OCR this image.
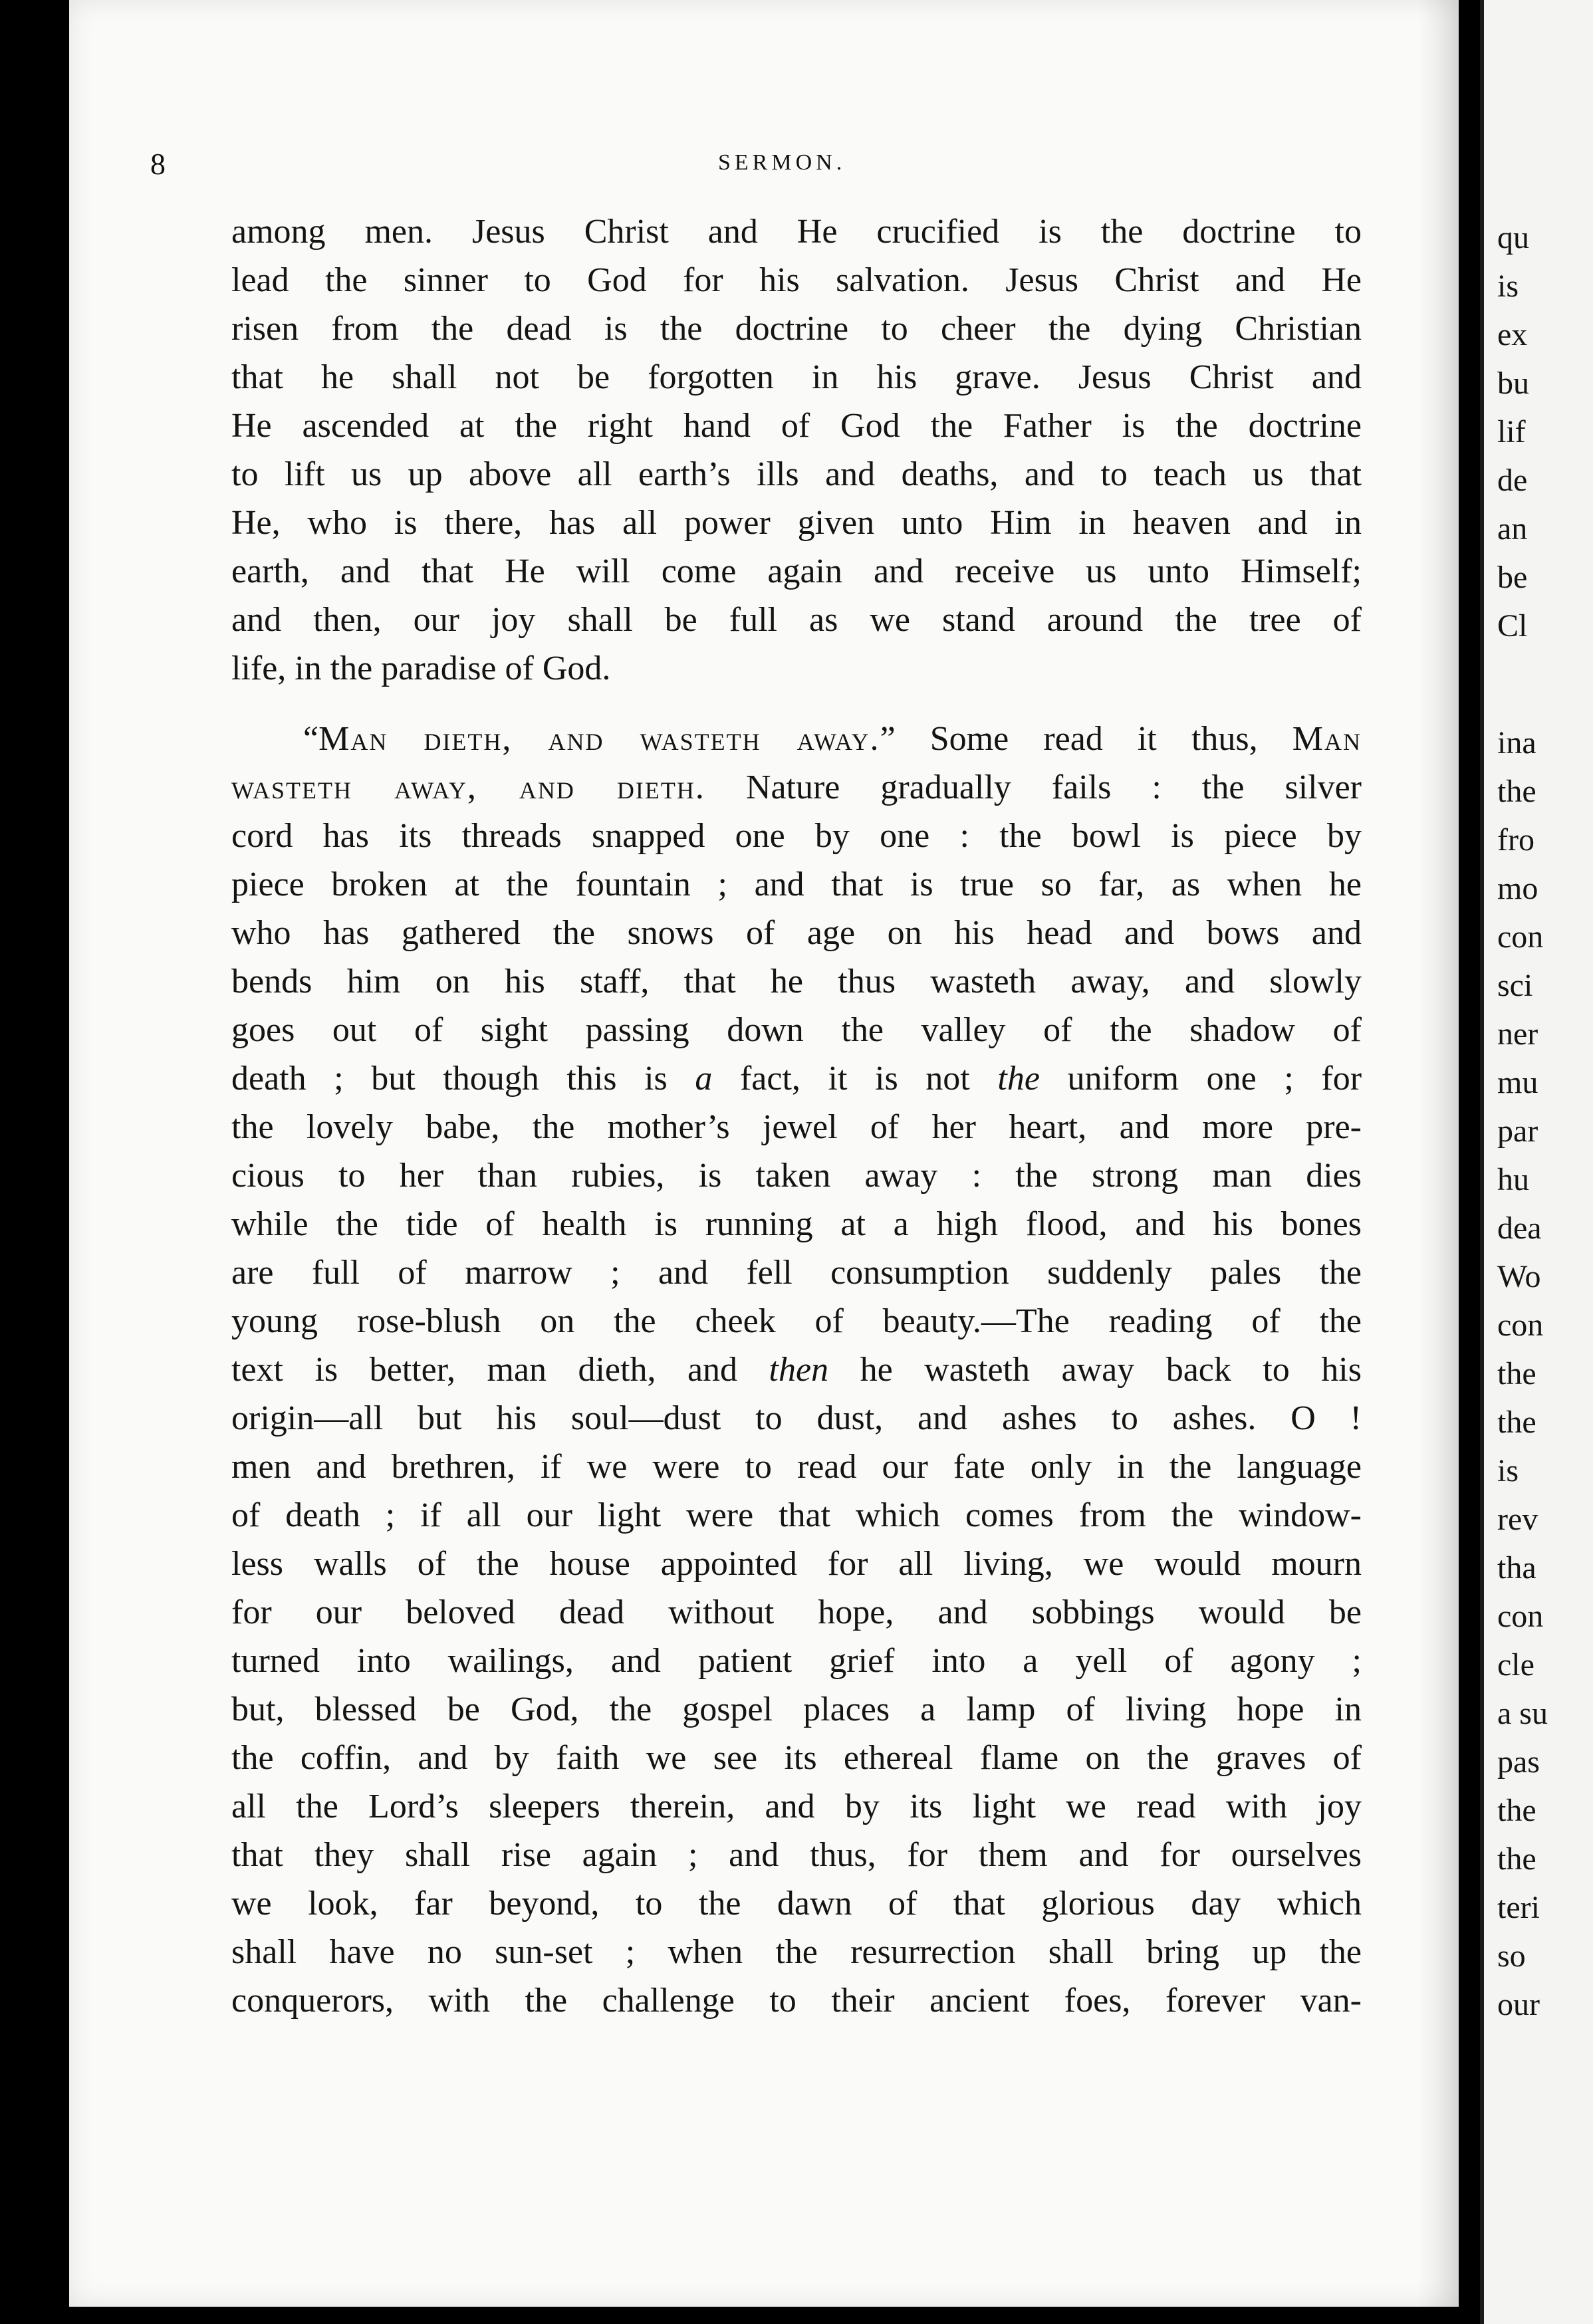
8	SERMON.
among men. Jesus Christ and He crucified is the doctrine to
lead the sinner to God for his salvation. Jesus Christ and He
risen from the dead is the doctrine to cheer the dying Christian
that he shall not be forgotten in his grave. Jesus Christ and
He ascended at the right hand of God the Father is the doctrine
to lift us up above all earth’s ills and deaths, and to teach us that
He, who is there, has all power given unto Him in heaven and in
earth, and that He will come again and receive us unto Himself;
and then, our joy shall be full as we stand around the tree of
life, in the paradise of God.
“Man dieth, and wasteth away.” Some read it thus, Man
wasteth away, and dieth. Nature gradually fails : the silver
cord has its threads snapped one by one : the bowl is piece by
piece broken at the fountain ; and that is true so far, as when he
who has gathered the snows of age on his head and bows and
bends him on his staff, that he thus wasteth away, and slowly
goes out of sight passing down the valley of the shadow of
death ; but though this is a fact, it is not the uniform one ; for
the lovely babe, the mother’s jewel of her heart, and more pre-
cious to her than rubies, is taken away : the strong man dies
while the tide of health is running at a high flood, and his bones
are full of marrow ; and fell consumption suddenly pales the
young rose-blush on the cheek of beauty.—The reading of the
text is better, man dieth, and then he wasteth away back to his
origin—all but his soul—dust to dust, and ashes to ashes. O !
men and brethren, if we were to read our fate only in the language
of death ; if all our light were that which comes from the window-
less walls of the house appointed for all living, we would mourn
for our beloved dead without hope, and sobbings would be
turned into wailings, and patient grief into a yell of agony ;
but, blessed be God, the gospel places a lamp of living hope in
the coffin, and by faith we see its ethereal flame on the graves of
all the Lord’s sleepers therein, and by its light we read with joy
that they shall rise again ; and thus, for them and for ourselves
we look, far beyond, to the dawn of that glorious day which
shall have no sun-set ; when the resurrection shall bring up the
conquerors, with the challenge to their ancient foes, forever van-
qu
is
ex
bu
lif
de
an
be
Cl
ina
the
fro
mo
con
sci
ner
mu
par
hu
dea
Wo
con
the
the
is
rev
tha
con
cle
a su
pas
the
the
teri
so
our
